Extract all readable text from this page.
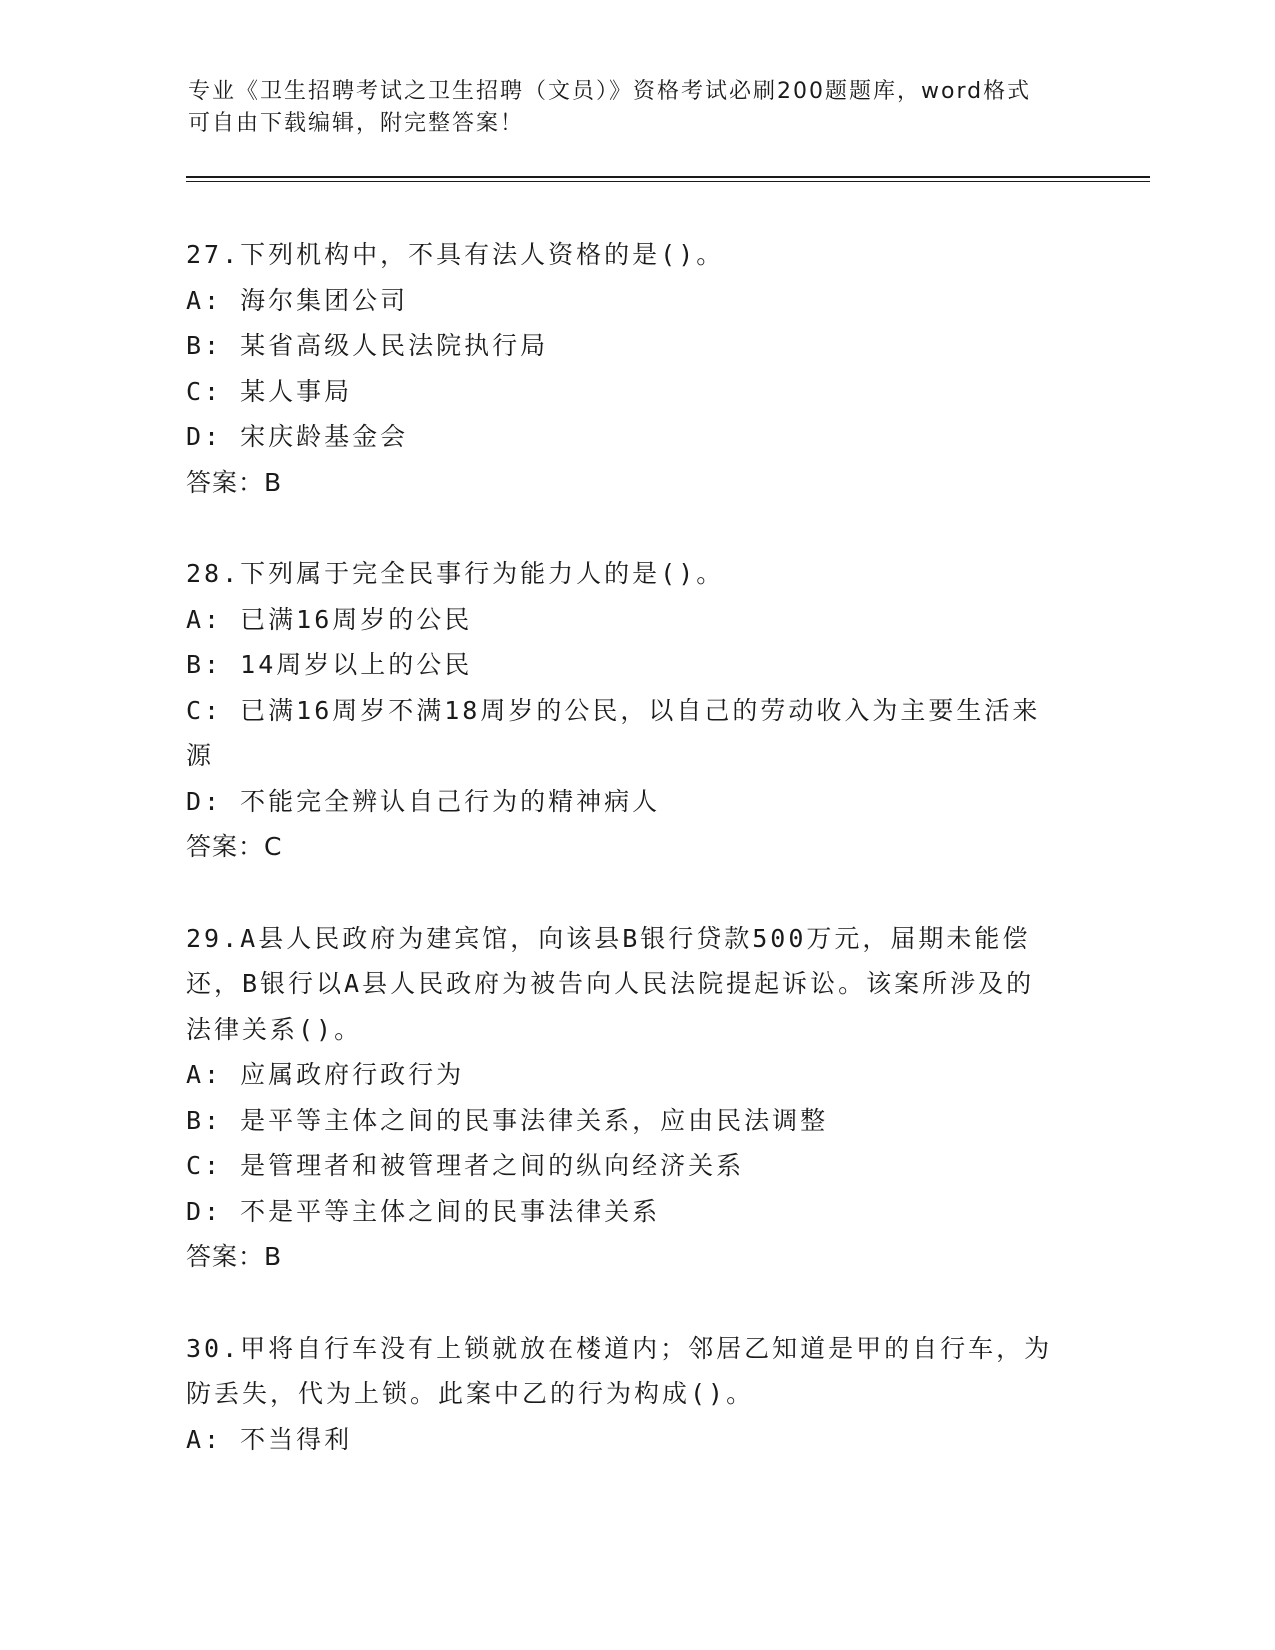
专业《卫生招聘考试之卫生招聘（文员）》资格考试必刷200题题库，word格式
可自由下载编辑，附完整答案！
27.下列机构中，不具有法人资格的是()。
A: 海尔集团公司
B: 某省高级人民法院执行局
C: 某人事局
D: 宋庆龄基金会
答案：B
28.下列属于完全民事行为能力人的是()。
A: 已满16周岁的公民
B: 14周岁以上的公民
C: 已满16周岁不满18周岁的公民，以自己的劳动收入为主要生活来
源
D: 不能完全辨认自己行为的精神病人
答案：C
29.A县人民政府为建宾馆，向该县B银行贷款500万元，届期未能偿
还，B银行以A县人民政府为被告向人民法院提起诉讼。该案所涉及的
法律关系()。
A: 应属政府行政行为
B: 是平等主体之间的民事法律关系，应由民法调整
C: 是管理者和被管理者之间的纵向经济关系
D: 不是平等主体之间的民事法律关系
答案：B
30.甲将自行车没有上锁就放在楼道内；邻居乙知道是甲的自行车，为
防丢失，代为上锁。此案中乙的行为构成()。
A: 不当得利
